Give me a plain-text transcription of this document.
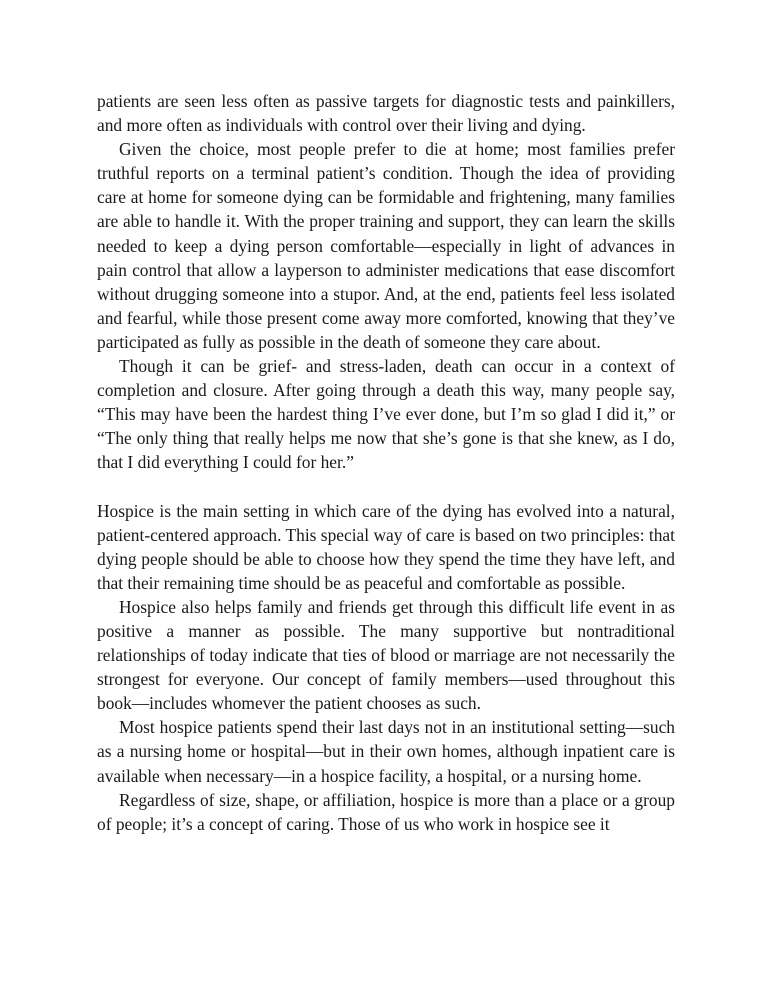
patients are seen less often as passive targets for diagnostic tests and painkillers, and more often as individuals with control over their living and dying.

Given the choice, most people prefer to die at home; most families prefer truthful reports on a terminal patient’s condition. Though the idea of providing care at home for someone dying can be formidable and frightening, many families are able to handle it. With the proper training and support, they can learn the skills needed to keep a dying person comfortable—especially in light of advances in pain control that allow a layperson to administer medications that ease discomfort without drugging someone into a stupor. And, at the end, patients feel less isolated and fearful, while those present come away more comforted, knowing that they’ve participated as fully as possible in the death of someone they care about.

Though it can be grief- and stress-laden, death can occur in a context of completion and closure. After going through a death this way, many people say, “This may have been the hardest thing I’ve ever done, but I’m so glad I did it,” or “The only thing that really helps me now that she’s gone is that she knew, as I do, that I did everything I could for her.”

Hospice is the main setting in which care of the dying has evolved into a natural, patient-centered approach. This special way of care is based on two principles: that dying people should be able to choose how they spend the time they have left, and that their remaining time should be as peaceful and comfortable as possible.

Hospice also helps family and friends get through this difficult life event in as positive a manner as possible. The many supportive but nontraditional relationships of today indicate that ties of blood or marriage are not necessarily the strongest for everyone. Our concept of family members—used throughout this book—includes whomever the patient chooses as such.

Most hospice patients spend their last days not in an institutional setting—such as a nursing home or hospital—but in their own homes, although inpatient care is available when necessary—in a hospice facility, a hospital, or a nursing home.

Regardless of size, shape, or affiliation, hospice is more than a place or a group of people; it’s a concept of caring. Those of us who work in hospice see it
